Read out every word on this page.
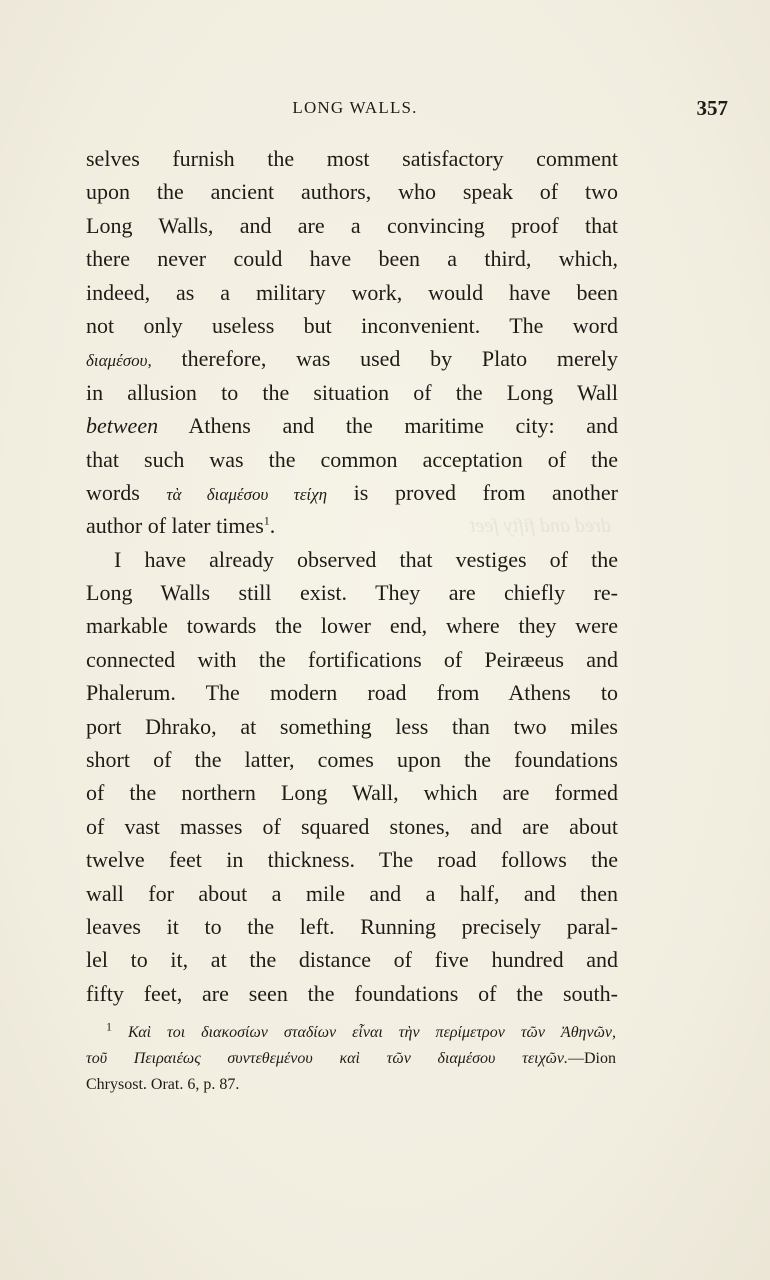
dred and fifty feet
LONG WALLS.	357
selves furnish the most satisfactory comment
upon the ancient authors, who speak of two
Long Walls, and are a convincing proof that
there never could have been a third, which,
indeed, as a military work, would have been
not only useless but inconvenient. The word
διαμέσου, therefore, was used by Plato merely
in allusion to the situation of the Long Wall
between Athens and the maritime city: and
that such was the common acceptation of the
words τὰ διαμέσου τείχη is proved from another
author of later times$^1$.
I have already observed that vestiges of the
Long Walls still exist. They are chiefly re-
markable towards the lower end, where they were
connected with the fortifications of Peiræeus and
Phalerum. The modern road from Athens to
port Dhrako, at something less than two miles
short of the latter, comes upon the foundations
of the northern Long Wall, which are formed
of vast masses of squared stones, and are about
twelve feet in thickness. The road follows the
wall for about a mile and a half, and then
leaves it to the left. Running precisely paral-
lel to it, at the distance of five hundred and
fifty feet, are seen the foundations of the south-
$^1$ Καὶ τοι διακοσίων σταδίων εἶναι τὴν περίμετρον τῶν Ἀθηνῶν,
τοῦ Πειραιέως συντεθεμένου καὶ τῶν διαμέσου τειχῶν.—Dion
Chrysost. Orat. 6, p. 87.
